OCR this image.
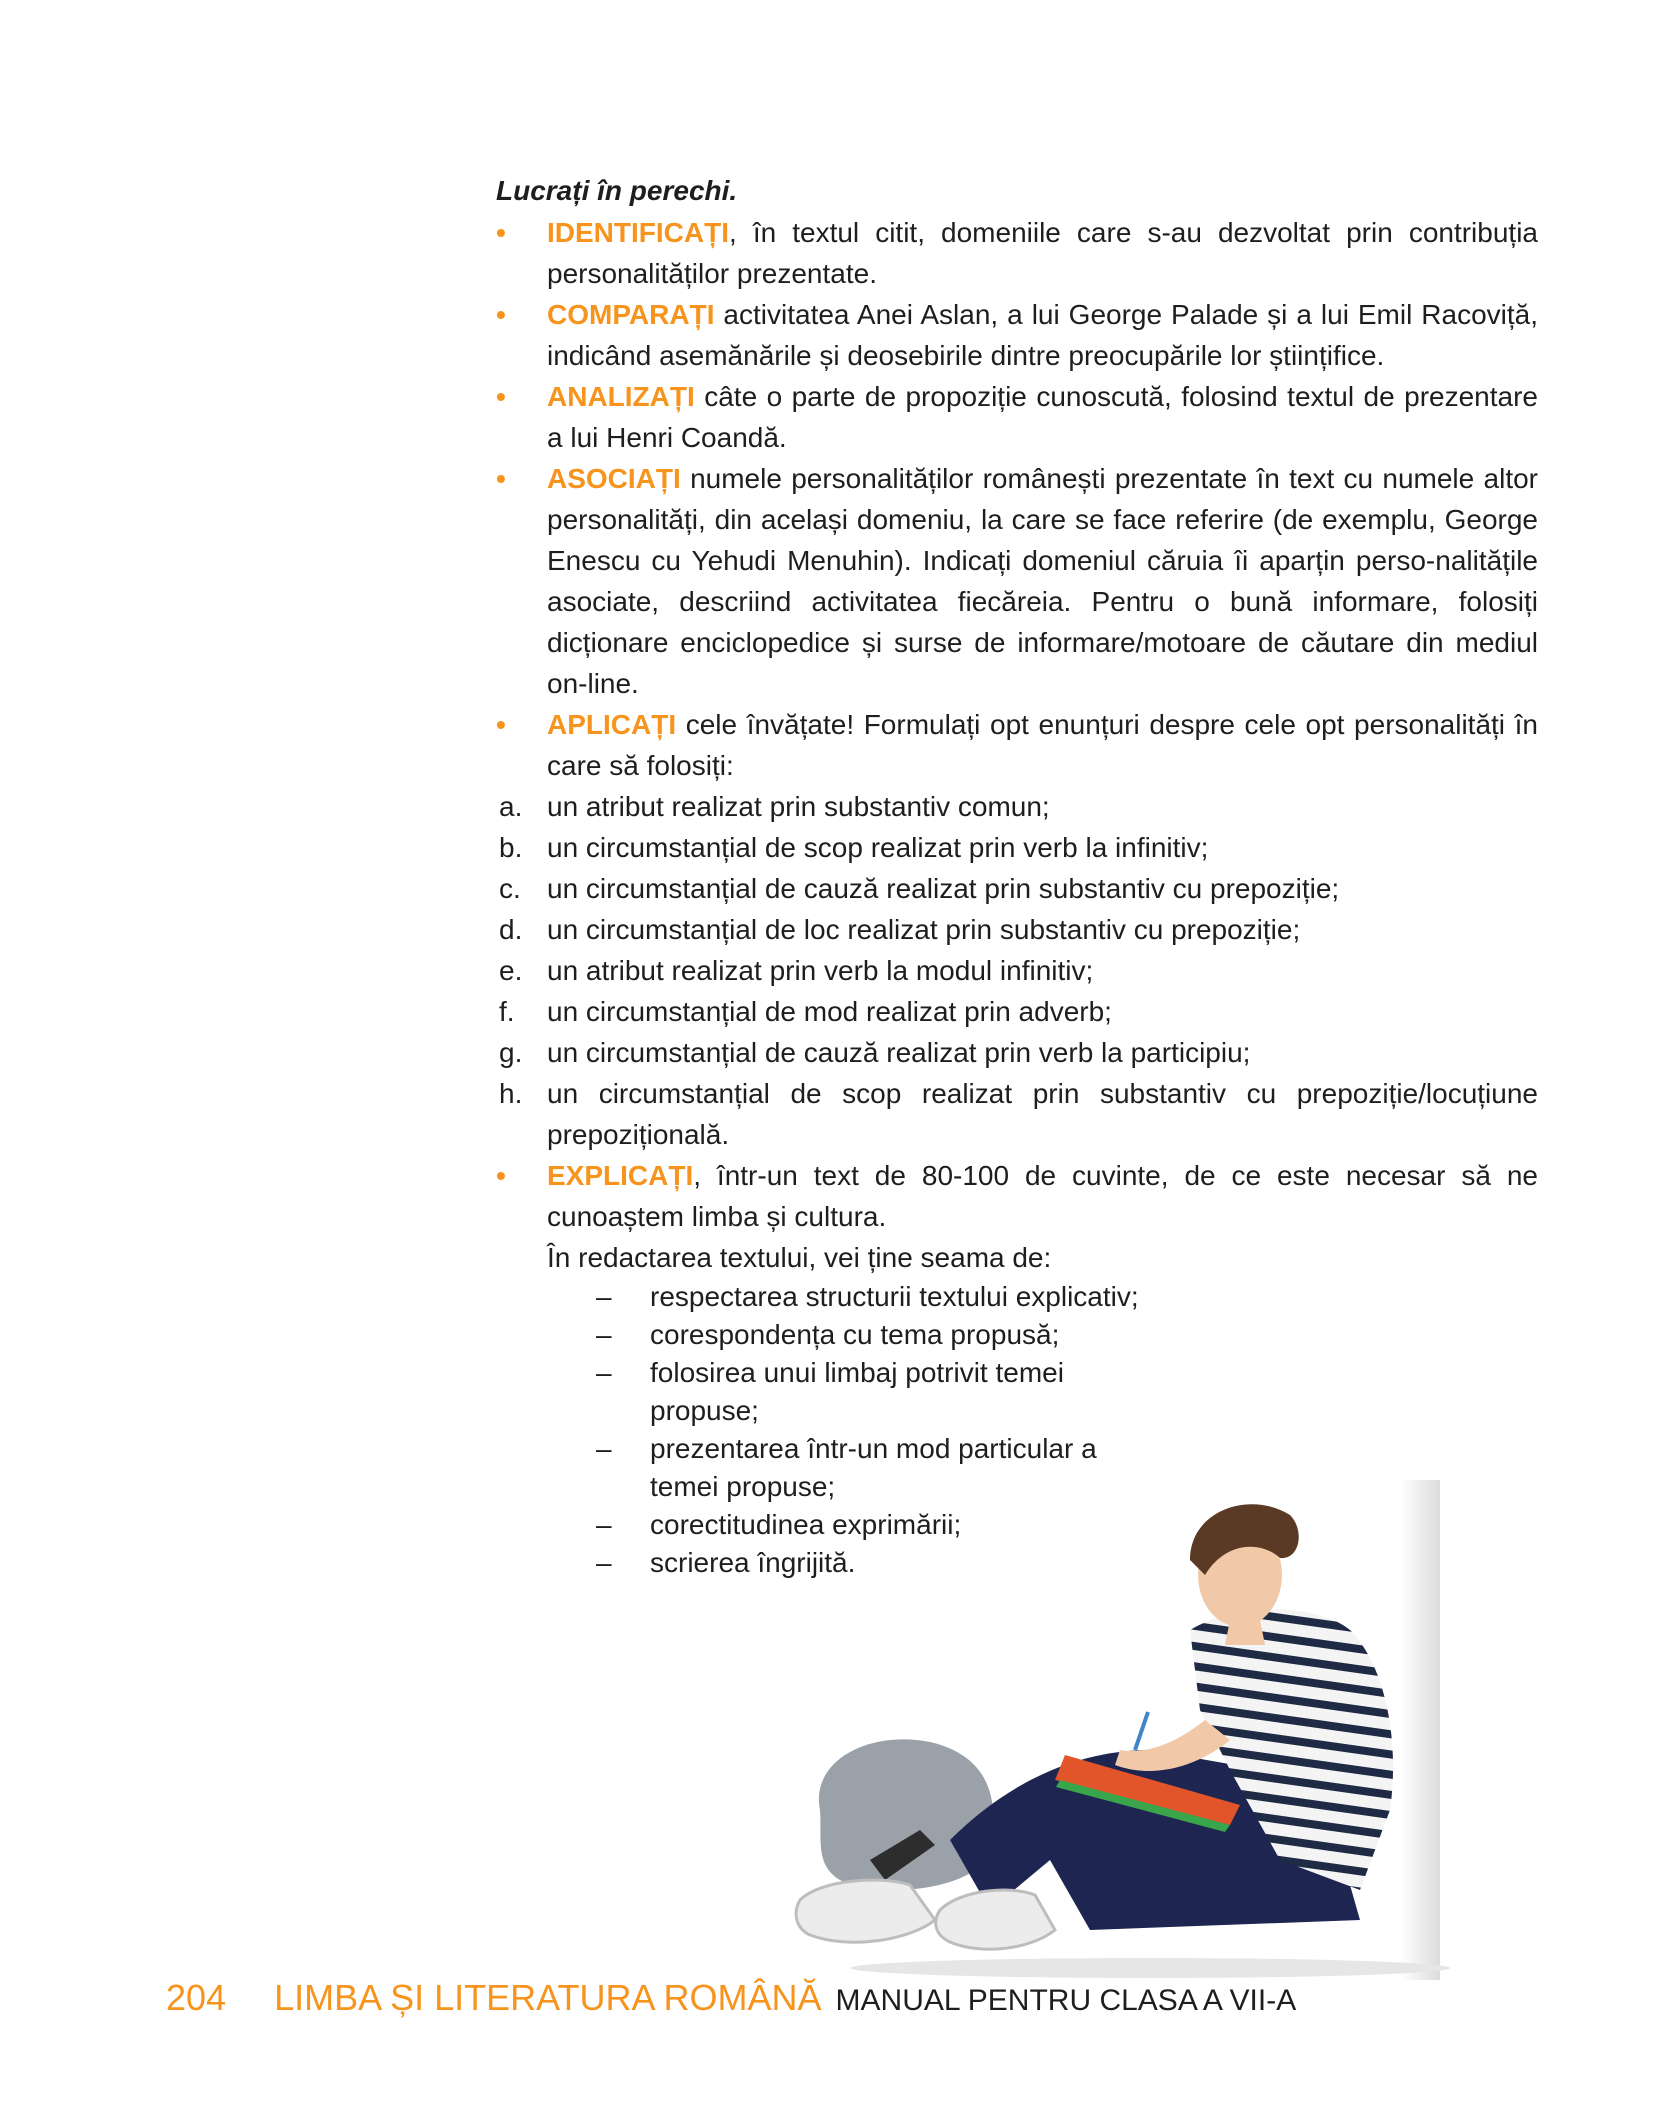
Lucrați în perechi.

• IDENTIFICAȚI, în textul citit, domeniile care s-au dezvoltat prin contribuția personalităților prezentate.
• COMPARAȚI activitatea Anei Aslan, a lui George Palade și a lui Emil Racoviță, indicând asemănările și deosebirile dintre preocupările lor științifice.
• ANALIZAȚI câte o parte de propoziție cunoscută, folosind textul de prezentare a lui Henri Coandă.
• ASOCIAȚI numele personalităților românești prezentate în text cu numele altor personalități, din același domeniu, la care se face referire (de exemplu, George Enescu cu Yehudi Menuhin). Indicați domeniul căruia îi aparțin perso-nalitățile asociate, descriind activitatea fiecăreia. Pentru o bună informare, folosiți dicționare enciclopedice și surse de informare/motoare de căutare din mediul on-line.
• APLICAȚI cele învățate! Formulați opt enunțuri despre cele opt personalități în care să folosiți:
a. un atribut realizat prin substantiv comun;
b. un circumstanțial de scop realizat prin verb la infinitiv;
c. un circumstanțial de cauză realizat prin substantiv cu prepoziție;
d. un circumstanțial de loc realizat prin substantiv cu prepoziție;
e. un atribut realizat prin verb la modul infinitiv;
f. un circumstanțial de mod realizat prin adverb;
g. un circumstanțial de cauză realizat prin verb la participiu;
h. un circumstanțial de scop realizat prin substantiv cu prepoziție/locuțiune prepozițională.
• EXPLICAȚI, într-un text de 80-100 de cuvinte, de ce este necesar să ne cunoaștem limba și cultura.
În redactarea textului, vei ține seama de:
– respectarea structurii textului explicativ;
– corespondența cu tema propusă;
– folosirea unui limbaj potrivit temei propuse;
– prezentarea într-un mod particular a temei propuse;
– corectitudinea exprimării;
– scrierea îngrijită.
204 LIMBA ȘI LITERATURA ROMÂNĂ MANUAL PENTRU CLASA A VII-A
